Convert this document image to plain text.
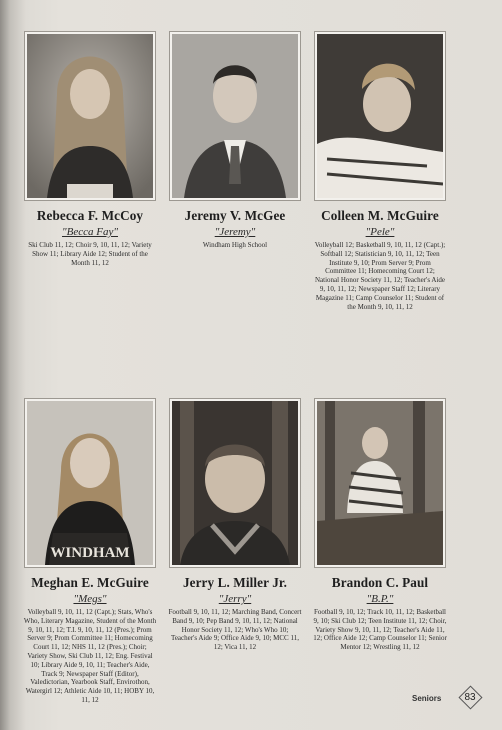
Rebecca F. McCoy
"Becca Fay"
Ski Club 11, 12; Choir 9, 10, 11, 12; Variety Show 11; Library Aide 12; Student of the Month 11, 12
Jeremy V. McGee
"Jeremy"
Windham High School
Colleen M. McGuire
"Pele"
Volleyball 12; Basketball 9, 10, 11, 12 (Capt.); Softball 12; Statistician 9, 10, 11, 12; Teen Institute 9, 10; Prom Server 9; Prom Committee 11; Homecoming Court 12; National Honor Society 11, 12; Teacher's Aide 9, 10, 11, 12; Newspaper Staff 12; Literary Magazine 11; Camp Counselor 11; Student of the Month 9, 10, 11, 12
WINDHAM
Meghan E. McGuire
"Megs"
Volleyball 9, 10, 11, 12 (Capt.); Stats, Who's Who, Literary Magazine, Student of the Month 9, 10, 11, 12; T.I. 9, 10, 11, 12 (Pres.); Prom Server 9; Prom Committee 11; Homecoming Court 11, 12; NHS 11, 12 (Pres.); Choir; Variety Show, Ski Club 11, 12; Eng. Festival 10; Library Aide 9, 10, 11; Teacher's Aide, Track 9; Newspaper Staff (Editor), Valedictorian, Yearbook Staff, Envirothon, Watergirl 12; Athletic Aide 10, 11; HOBY 10, 11, 12
Jerry L. Miller Jr.
"Jerry"
Football 9, 10, 11, 12; Marching Band, Concert Band 9, 10; Pep Band 9, 10, 11, 12; National Honor Society 11, 12; Who's Who 10; Teacher's Aide 9; Office Aide 9, 10; MCC 11, 12; Vica 11, 12
Brandon C. Paul
"B.P."
Football 9, 10, 12; Track 10, 11, 12; Basketball 9, 10; Ski Club 12; Teen Institute 11, 12; Choir, Variety Show 9, 10, 11, 12; Teacher's Aide 11, 12; Office Aide 12; Camp Counselor 11; Senior Mentor 12; Wrestling 11, 12
Seniors 83
